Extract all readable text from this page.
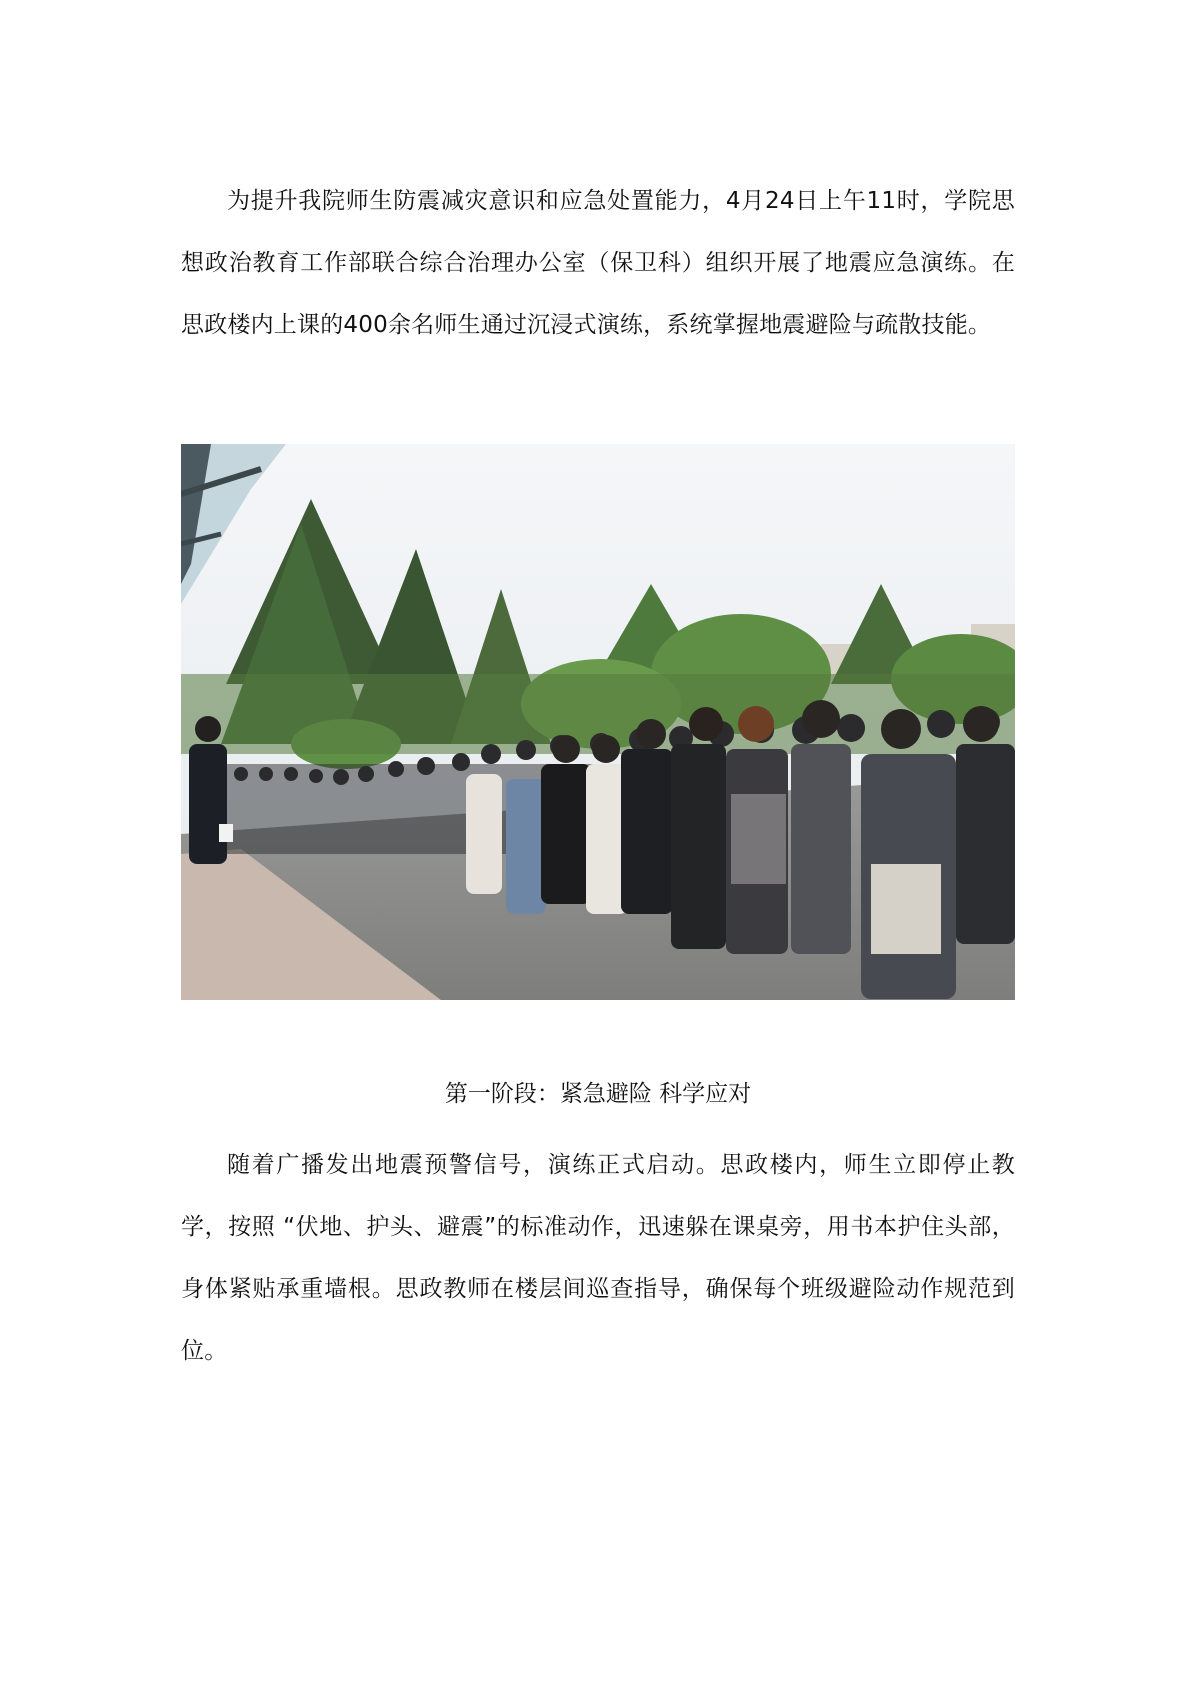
为提升我院师生防震减灾意识和应急处置能力，4月24日上午11时，学院思想政治教育工作部联合综合治理办公室（保卫科）组织开展了地震应急演练。在思政楼内上课的400余名师生通过沉浸式演练，系统掌握地震避险与疏散技能。

第一阶段：紧急避险 科学应对

随着广播发出地震预警信号，演练正式启动。思政楼内，师生立即停止教学，按照 “伏地、护头、避震”的标准动作，迅速躲在课桌旁，用书本护住头部，身体紧贴承重墙根。思政教师在楼层间巡查指导，确保每个班级避险动作规范到位。
